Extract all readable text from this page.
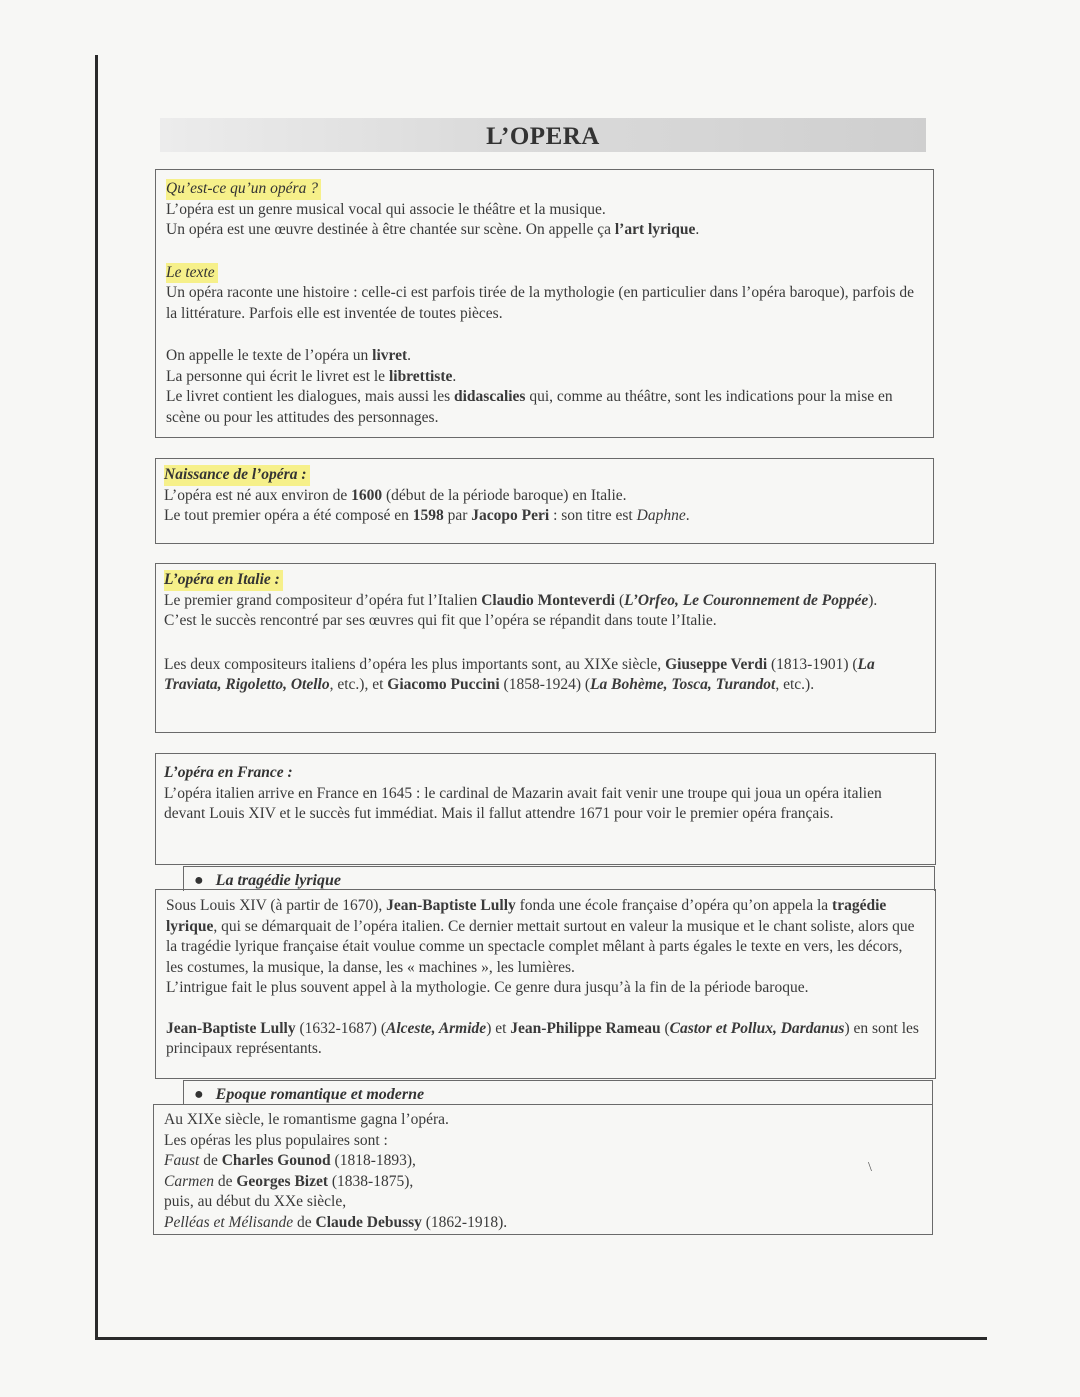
L’OPERA

Qu’est-ce qu’un opéra ?

L’opéra est un genre musical vocal qui associe le théâtre et la musique.

Un opéra est une œuvre destinée à être chantée sur scène. On appelle ça l’art lyrique.

Le texte

Un opéra raconte une histoire : celle-ci est parfois tirée de la mythologie (en particulier dans l’opéra baroque), parfois de la littérature. Parfois elle est inventée de toutes pièces.

On appelle le texte de l’opéra un livret.

La personne qui écrit le livret est le librettiste.

Le livret contient les dialogues, mais aussi les didascalies qui, comme au théâtre, sont les indications pour la mise en scène ou pour les attitudes des personnages.

Naissance de l’opéra :

L’opéra est né aux environ de 1600 (début de la période baroque) en Italie.

Le tout premier opéra a été composé en 1598 par Jacopo Peri : son titre est Daphne.

L’opéra en Italie :

Le premier grand compositeur d’opéra fut l’Italien Claudio Monteverdi (L’Orfeo, Le Couronnement de Poppée). C’est le succès rencontré par ses œuvres qui fit que l’opéra se répandit dans toute l’Italie.

Les deux compositeurs italiens d’opéra les plus importants sont, au XIXe siècle, Giuseppe Verdi (1813-1901) (La Traviata, Rigoletto, Otello, etc.), et Giacomo Puccini (1858-1924) (La Bohème, Tosca, Turandot, etc.).

L’opéra en France :

L’opéra italien arrive en France en 1645 : le cardinal de Mazarin avait fait venir une troupe qui joua un opéra italien devant Louis XIV et le succès fut immédiat. Mais il fallut attendre 1671 pour voir le premier opéra français.

● La tragédie lyrique

Sous Louis XIV (à partir de 1670), Jean-Baptiste Lully fonda une école française d’opéra qu’on appela la tragédie lyrique, qui se démarquait de l’opéra italien. Ce dernier mettait surtout en valeur la musique et le chant soliste, alors que la tragédie lyrique française était voulue comme un spectacle complet mêlant à parts égales le texte en vers, les décors, les costumes, la musique, la danse, les « machines », les lumières.

L’intrigue fait le plus souvent appel à la mythologie. Ce genre dura jusqu’à la fin de la période baroque.

Jean-Baptiste Lully (1632-1687) (Alceste, Armide) et Jean-Philippe Rameau (Castor et Pollux, Dardanus) en sont les principaux représentants.

● Epoque romantique et moderne

Au XIXe siècle, le romantisme gagna l’opéra.

Les opéras les plus populaires sont :

Faust de Charles Gounod (1818-1893),

Carmen de Georges Bizet (1838-1875),

puis, au début du XXe siècle,

Pelléas et Mélisande de Claude Debussy (1862-1918).

\
